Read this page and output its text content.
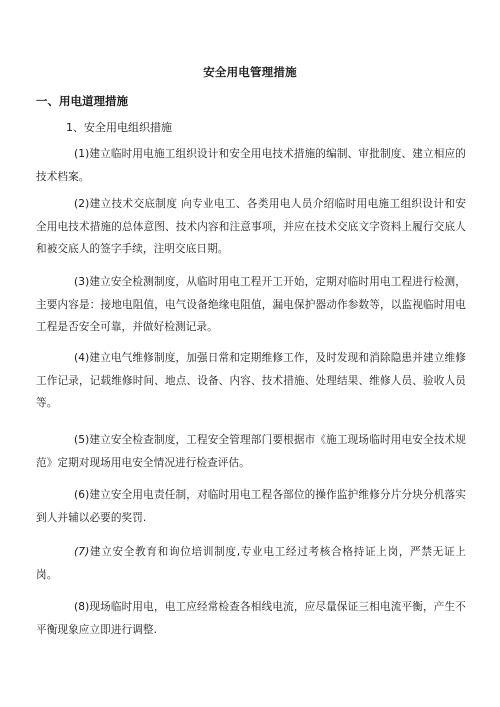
安全用电管理措施
一、用电道理措施
1、安全用电组织措施
(1)建立临时用电施工组织设计和安全用电技术措施的编制、审批制度、建立相应的技术档案。
(2)建立技术交底制度 向专业电工、各类用电人员介绍临时用电施工组织设计和安全用电技术措施的总体意图、技术内容和注意事项，并应在技术交底文字资料上履行交底人和被交底人的签字手续，注明交底日期。
(3)建立安全检测制度，从临时用电工程开工开始，定期对临时用电工程进行检测，主要内容是：接地电阻值，电气设备绝缘电阻值，漏电保护器动作参数等，以监视临时用电工程是否安全可靠，并做好检测记录。
(4)建立电气维修制度，加强日常和定期维修工作，及时发现和消除隐患并建立维修工作记录，记载维修时间、地点、设备、内容、技术措施、处理结果、维修人员、验收人员等。
(5)建立安全检查制度，工程安全管理部门要根据市《施工现场临时用电安全技术规范》定期对现场用电安全情况进行检查评估。
(6)建立安全用电责任制，对临时用电工程各部位的操作监护维修分片分块分机落实到人并辅以必要的奖罚.
(7)建立安全教育和询位培训制度,专业电工经过考核合格持证上岗，严禁无证上岗。
(8)现场临时用电，电工应经常检查各相线电流，应尽量保证三相电流平衡，产生不平衡现象应立即进行调整.
